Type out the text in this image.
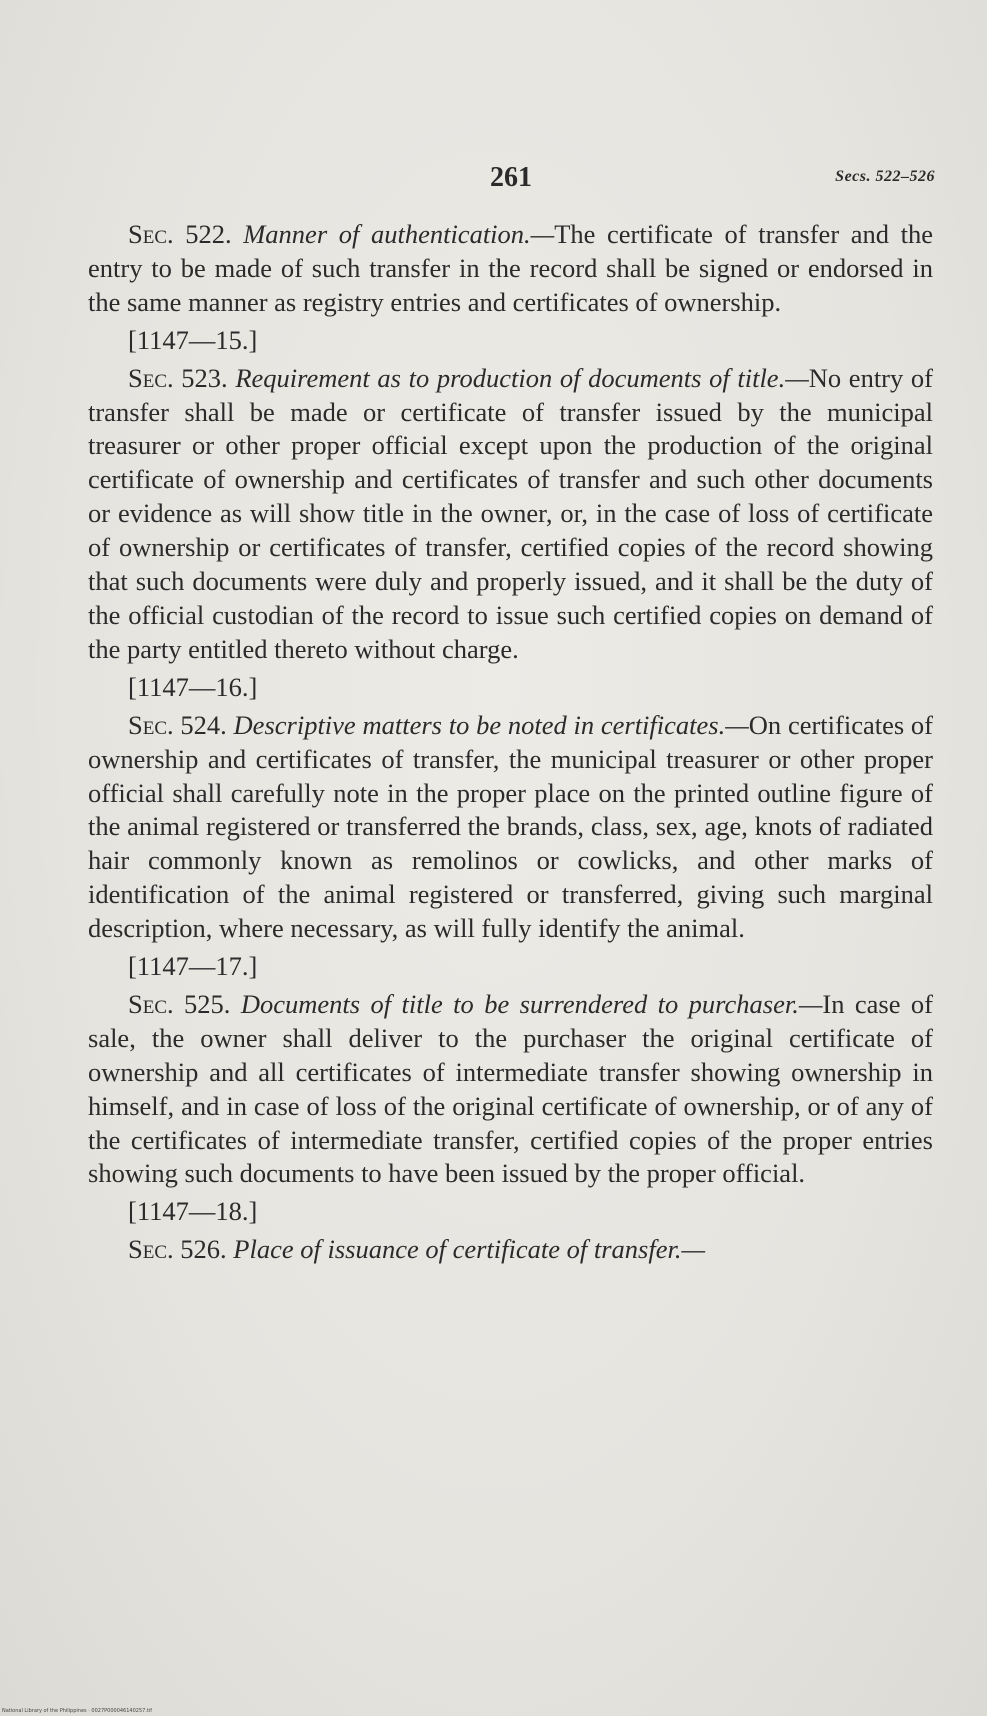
261	Secs. 522–526

Sec. 522. Manner of authentication.—The certificate of transfer and the entry to be made of such transfer in the record shall be signed or endorsed in the same manner as registry entries and certificates of ownership.

[1147—15.]

Sec. 523. Requirement as to production of documents of title.—No entry of transfer shall be made or certificate of transfer issued by the municipal treasurer or other proper official except upon the production of the original certificate of ownership and certificates of transfer and such other documents or evidence as will show title in the owner, or, in the case of loss of certificate of ownership or certificates of transfer, certified copies of the record showing that such documents were duly and properly issued, and it shall be the duty of the official custodian of the record to issue such certified copies on demand of the party entitled thereto without charge.

[1147—16.]

Sec. 524. Descriptive matters to be noted in certificates.—On certificates of ownership and certificates of transfer, the municipal treasurer or other proper official shall carefully note in the proper place on the printed outline figure of the animal registered or transferred the brands, class, sex, age, knots of radiated hair commonly known as remolinos or cowlicks, and other marks of identification of the animal registered or transferred, giving such marginal description, where necessary, as will fully identify the animal.

[1147—17.]

Sec. 525. Documents of title to be surrendered to purchaser.—In case of sale, the owner shall deliver to the purchaser the original certificate of ownership and all certificates of intermediate transfer showing ownership in himself, and in case of loss of the original certificate of ownership, or of any of the certificates of intermediate transfer, certified copies of the proper entries showing such documents to have been issued by the proper official.

[1147—18.]

Sec. 526. Place of issuance of certificate of transfer.—

National Library of the Philippines · 0027P000046140257.tif
